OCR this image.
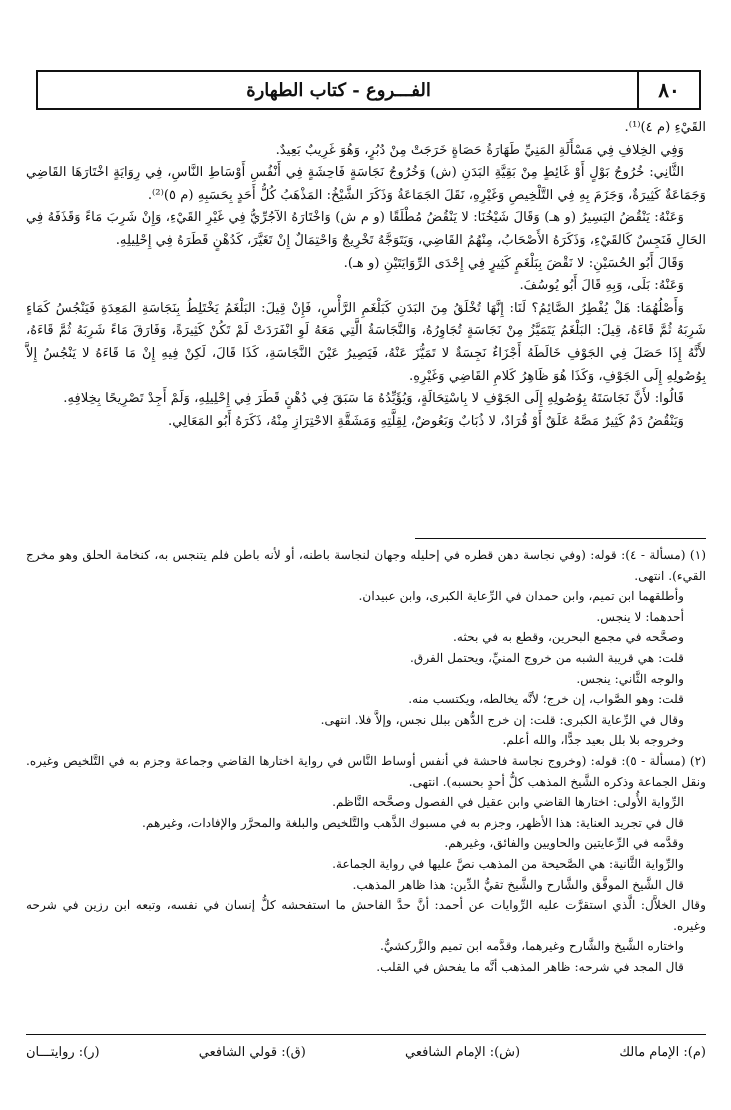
٨٠
الفـــروع - كتاب الطهارة

القَيْءِ (م ٤)⁽¹⁾.

وَفِي الخِلافِ فِي مَسْأَلَةِ المَنِيِّ طَهَارَةُ حَصَاةٍ خَرَجَتْ مِنْ دُبُرٍ، وَهُوَ غَرِيبٌ بَعِيدٌ.

الثَّانِي: خُرُوجُ بَوْلٍ أَوْ غَائِطٍ مِنْ بَقِيَّةِ البَدَنِ (ش) وَخُرُوجُ نَجَاسَةٍ فَاحِشَةٍ فِي أَنْفُسِ أَوْسَاطِ النَّاسِ، فِي رِوَايَةٍ اخْتَارَهَا القَاضِي وَجَمَاعَةٌ كَثِيرَةٌ، وَجَزَمَ بِهِ فِي التَّلْخِيصِ وَغَيْرِهِ، نَقَلَ الجَمَاعَةُ وَذَكَرَ الشَّيْخُ: المَذْهَبُ كُلُّ أَحَدٍ بِحَسَبِهِ (م ٥)⁽²⁾.

وَعَنْهُ: يَنْقُضُ اليَسِيرُ (و هـ) وَقَالَ شَيْخُنَا: لا يَنْقُضُ مُطْلَقًا (و م ش) وَاخْتَارَهُ الآجُرِّيُّ فِي غَيْرِ القَيْءِ، وَإِنْ شَرِبَ مَاءً وَقَذَفَهُ فِي الحَالِ فَنَجِسٌ كَالقَيْءِ، وَذَكَرَهُ الأَصْحَابُ، مِنْهُمُ القَاضِي، وَيَتَوَجَّهُ تَخْرِيجٌ وَاحْتِمَالٌ إِنْ تَغَيَّرَ، كَدُهْنٍ قَطَرَهُ فِي إِحْلِيلِهِ.

وَقَالَ أَبُو الحُسَيْنِ: لا نَقْضَ بِبَلْغَمٍ كَثِيرٍ فِي إِحْدَى الرِّوَايَتَيْنِ (و هـ).

وَعَنْهُ: بَلَى، وَبِهِ قَالَ أَبُو يُوسُفَ.

وَأَصْلُهُمَا: هَلْ يُفْطِرُ الصَّائِمُ؟ لَنَا: إِنَّهَا تُخْلَقُ مِنَ البَدَنِ كَبَلْغَمِ الرَّأْسِ، فَإِنْ قِيلَ: البَلْغَمُ يَخْتَلِطُ بِنَجَاسَةِ المَعِدَةِ فَيَنْجُسُ كَمَاءٍ شَرِبَهُ ثُمَّ قَاءَهُ، قِيلَ: البَلْغَمُ يَتَمَيَّزُ مِنْ نَجَاسَةٍ تُجَاوِرُهُ، وَالنَّجَاسَةُ الَّتِي مَعَهُ لَوِ انْفَرَدَتْ لَمْ تَكُنْ كَثِيرَةً، وَفَارَقَ مَاءً شَرِبَهُ ثُمَّ قَاءَهُ، لأَنَّهُ إِذَا حَصَلَ فِي الجَوْفِ خَالَطَهُ أَجْزَاءٌ نَجِسَةٌ لا تَمَيُّزَ عَنْهُ، فَيَصِيرُ عَيْنَ النَّجَاسَةِ، كَذَا قَالَ، لَكِنْ فِيهِ إِنْ مَا قَاءَهُ لا يَنْجُسُ إِلاَّ بِوُصُولِهِ إِلَى الجَوْفِ، وَكَذَا هُوَ ظَاهِرُ كَلامِ القَاضِي وَغَيْرِهِ.

قَالُوا: لأَنَّ نَجَاسَتَهُ بِوُصُولِهِ إِلَى الجَوْفِ لا بِاسْتِحَالَةٍ، وَيُؤَيِّدُهُ مَا سَبَقَ فِي دُهْنٍ قَطَرَ فِي إِحْلِيلِهِ، وَلَمْ أَجِدْ تَصْرِيحًا بِخِلافِهِ.

وَيَنْقُضُ دَمٌ كَثِيرٌ مَصَّهُ عَلَقٌ أَوْ قُرَادٌ، لا ذُبَابٌ وَبَعُوضٌ، لِقِلَّتِهِ وَمَشَقَّةِ الاحْتِرَازِ مِنْهُ، ذَكَرَهُ أَبُو المَعَالِي.

(١) (مسألة - ٤): قوله: (وفي نجاسة دهن قطره في إحليله وجهان لنجاسة باطنه، أو لأنه باطن فلم يتنجس به، كنخامة الحلق وهو مخرج القيء). انتهى.

وأطلقهما ابن تميم، وابن حمدان في الرِّعاية الكبرى، وابن عبيدان.

أحدهما: لا ينجس.

وصحَّحه في مجمع البحرين، وقطع به في بحثه.

قلت: هي قريبة الشبه من خروج المنيِّ، ويحتمل الفرق.

والوجه الثَّاني: ينجس.

قلت: وهو الصَّواب، إن خرج؛ لأنَّه يخالطه، ويكتسب منه.

وقال في الرِّعاية الكبرى: قلت: إن خرج الدُّهن ببلل نجس، وإلاَّ فلا. انتهى.

وخروجه بلا بلل بعيد جدًّا، والله أعلم.

(٢) (مسألة - ٥): قوله: (وخروج نجاسة فاحشة في أنفس أوساط النَّاس في رواية اختارها القاضي وجماعة وجزم به في التَّلخيص وغيره. ونقل الجماعة وذكره الشَّيخ المذهب كلُّ أحدٍ بحسبه). انتهى.

الرِّواية الأُولى: اختارها القاضي وابن عقيل في الفصول وصحَّحه النَّاظم.

قال في تجريد العناية: هذا الأظهر، وجزم به في مسبوك الذَّهب والتَّلخيص والبلغة والمحرَّر والإفادات، وغيرهم.

وقدَّمه في الرِّعايتين والحاويين والفائق، وغيرهم.

والرِّواية الثَّانية: هي الصَّحيحة من المذهب نصَّ عليها في رواية الجماعة.

قال الشَّيخ الموفَّق والشَّارح والشَّيخ تقيُّ الدِّين: هذا ظاهر المذهب.

وقال الخلاَّل: الَّذي استقرَّت عليه الرِّوايات عن أحمد: أنَّ حدَّ الفاحش ما استفحشه كلُّ إنسان في نفسه، وتبعه ابن رزين في شرحه وغيره.

واختاره الشَّيخ والشَّارح وغيرهما، وقدَّمه ابن تميم والزَّركشيُّ.

قال المجد في شرحه: ظاهر المذهب أنَّه ما يفحش في القلب.

(م): الإمام مالك
(ش): الإمام الشافعي
(ق): قولي الشافعي
(ر): روايتـــان
